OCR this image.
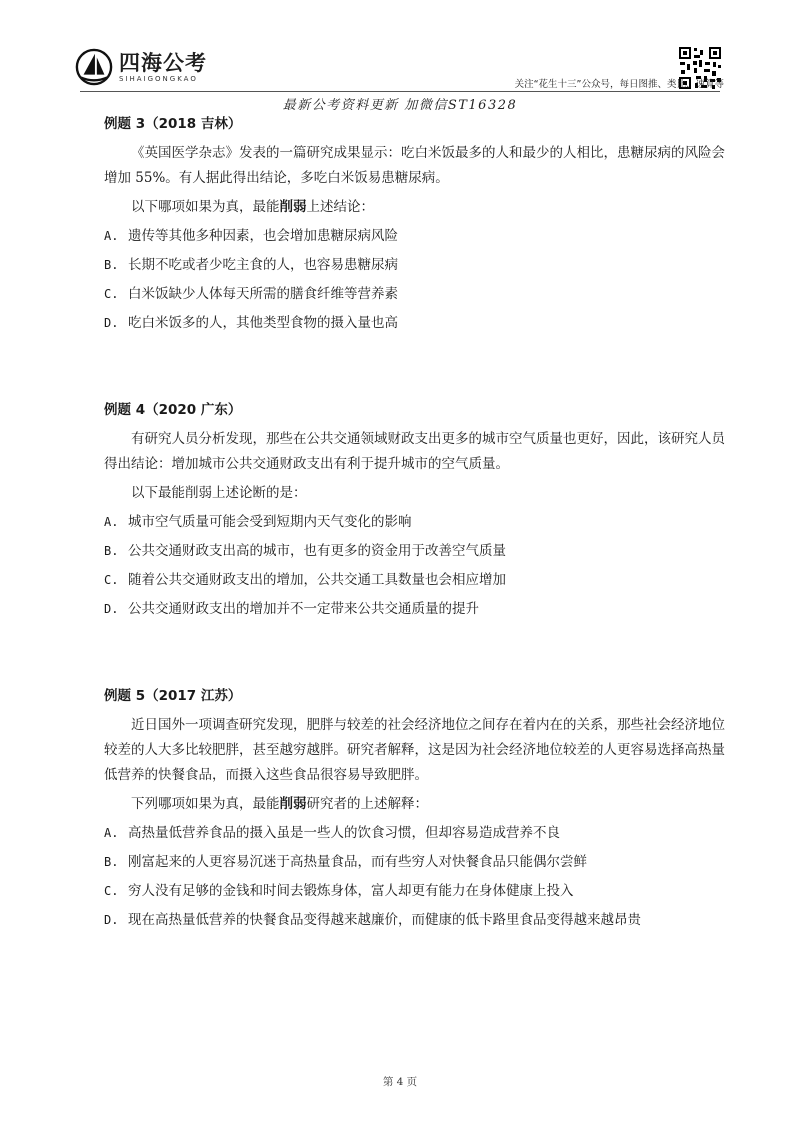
四海公考
SIHAIGONGKAO
关注“花生十三”公众号，每日图推、类比、速算等
最新公考资料更新 加微信ST16328

例题 3（2018 吉林）

《英国医学杂志》发表的一篇研究成果显示：吃白米饭最多的人和最少的人相比，患糖尿病的风险会增加 55%。有人据此得出结论，多吃白米饭易患糖尿病。

以下哪项如果为真，最能削弱上述结论：

A. 遗传等其他多种因素，也会增加患糖尿病风险

B. 长期不吃或者少吃主食的人，也容易患糖尿病

C. 白米饭缺少人体每天所需的膳食纤维等营养素

D. 吃白米饭多的人，其他类型食物的摄入量也高

例题 4（2020 广东）

有研究人员分析发现，那些在公共交通领域财政支出更多的城市空气质量也更好，因此，该研究人员得出结论：增加城市公共交通财政支出有利于提升城市的空气质量。

以下最能削弱上述论断的是：

A. 城市空气质量可能会受到短期内天气变化的影响

B. 公共交通财政支出高的城市，也有更多的资金用于改善空气质量

C. 随着公共交通财政支出的增加，公共交通工具数量也会相应增加

D. 公共交通财政支出的增加并不一定带来公共交通质量的提升

例题 5（2017 江苏）

近日国外一项调查研究发现，肥胖与较差的社会经济地位之间存在着内在的关系，那些社会经济地位较差的人大多比较肥胖，甚至越穷越胖。研究者解释，这是因为社会经济地位较差的人更容易选择高热量低营养的快餐食品，而摄入这些食品很容易导致肥胖。

下列哪项如果为真，最能削弱研究者的上述解释：

A. 高热量低营养食品的摄入虽是一些人的饮食习惯，但却容易造成营养不良

B. 刚富起来的人更容易沉迷于高热量食品，而有些穷人对快餐食品只能偶尔尝鲜

C. 穷人没有足够的金钱和时间去锻炼身体，富人却更有能力在身体健康上投入

D. 现在高热量低营养的快餐食品变得越来越廉价，而健康的低卡路里食品变得越来越昂贵

第 4 页
